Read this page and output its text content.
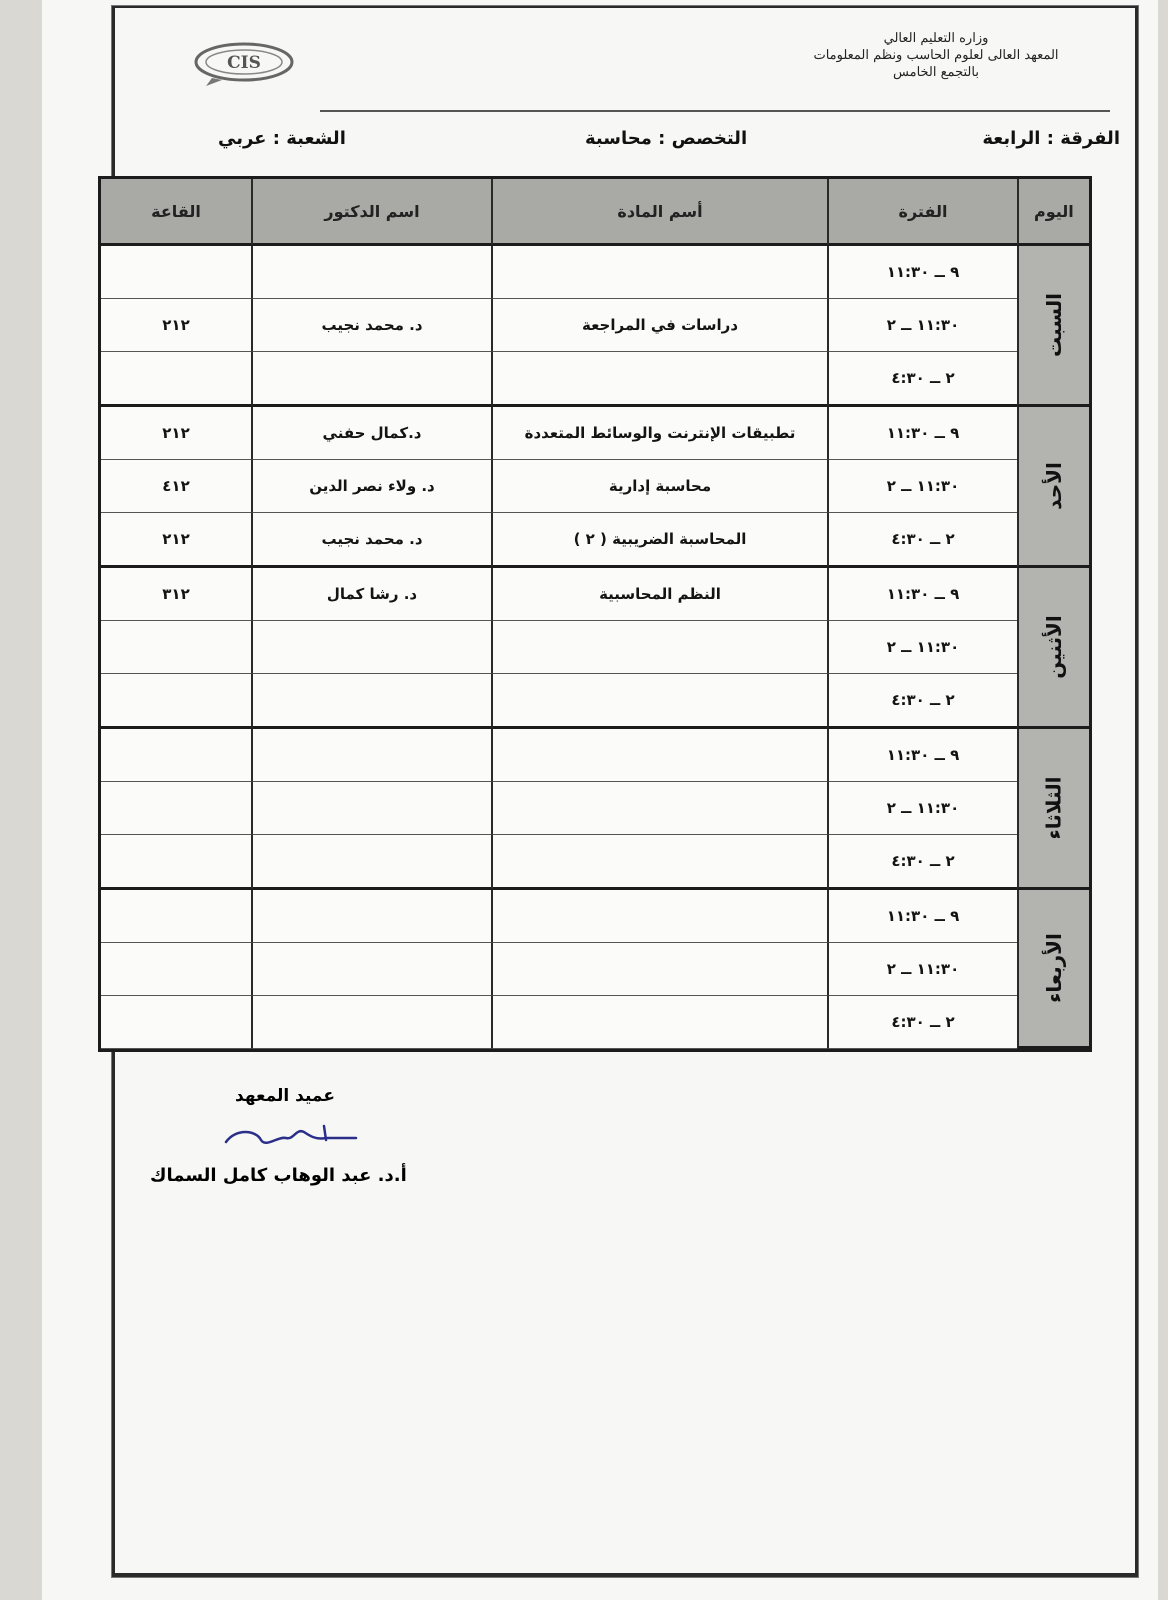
CIS
وزاره التعليم العالي
المعهد العالى لعلوم الحاسب ونظم المعلومات
بالتجمع الخامس
الفرقة : الرابعة
التخصص : محاسبة
الشعبة : عربي
اليوم	الفترة	أسم المادة	اسم الدكتور	القاعة
السبت	٩ ــ ١١:٣٠			
	١١:٣٠ ــ ٢	دراسات في المراجعة	د. محمد نجيب	٢١٢
	٢ ــ ٤:٣٠			
الأحد	٩ ــ ١١:٣٠	تطبيقات الإنترنت والوسائط المتعددة	د.كمال حفني	٢١٢
	١١:٣٠ ــ ٢	محاسبة إدارية	د. ولاء نصر الدين	٤١٢
	٢ ــ ٤:٣٠	المحاسبة الضريبية ( ٢ )	د. محمد نجيب	٢١٢
الأثنين	٩ ــ ١١:٣٠	النظم المحاسبية	د. رشا كمال	٣١٢
	١١:٣٠ ــ ٢			
	٢ ــ ٤:٣٠			
الثلاثاء	٩ ــ ١١:٣٠			
	١١:٣٠ ــ ٢			
	٢ ــ ٤:٣٠			
الأربعاء	٩ ــ ١١:٣٠			
	١١:٣٠ ــ ٢			
	٢ ــ ٤:٣٠			
عميد المعهد
أ.د. عبد الوهاب كامل السماك
